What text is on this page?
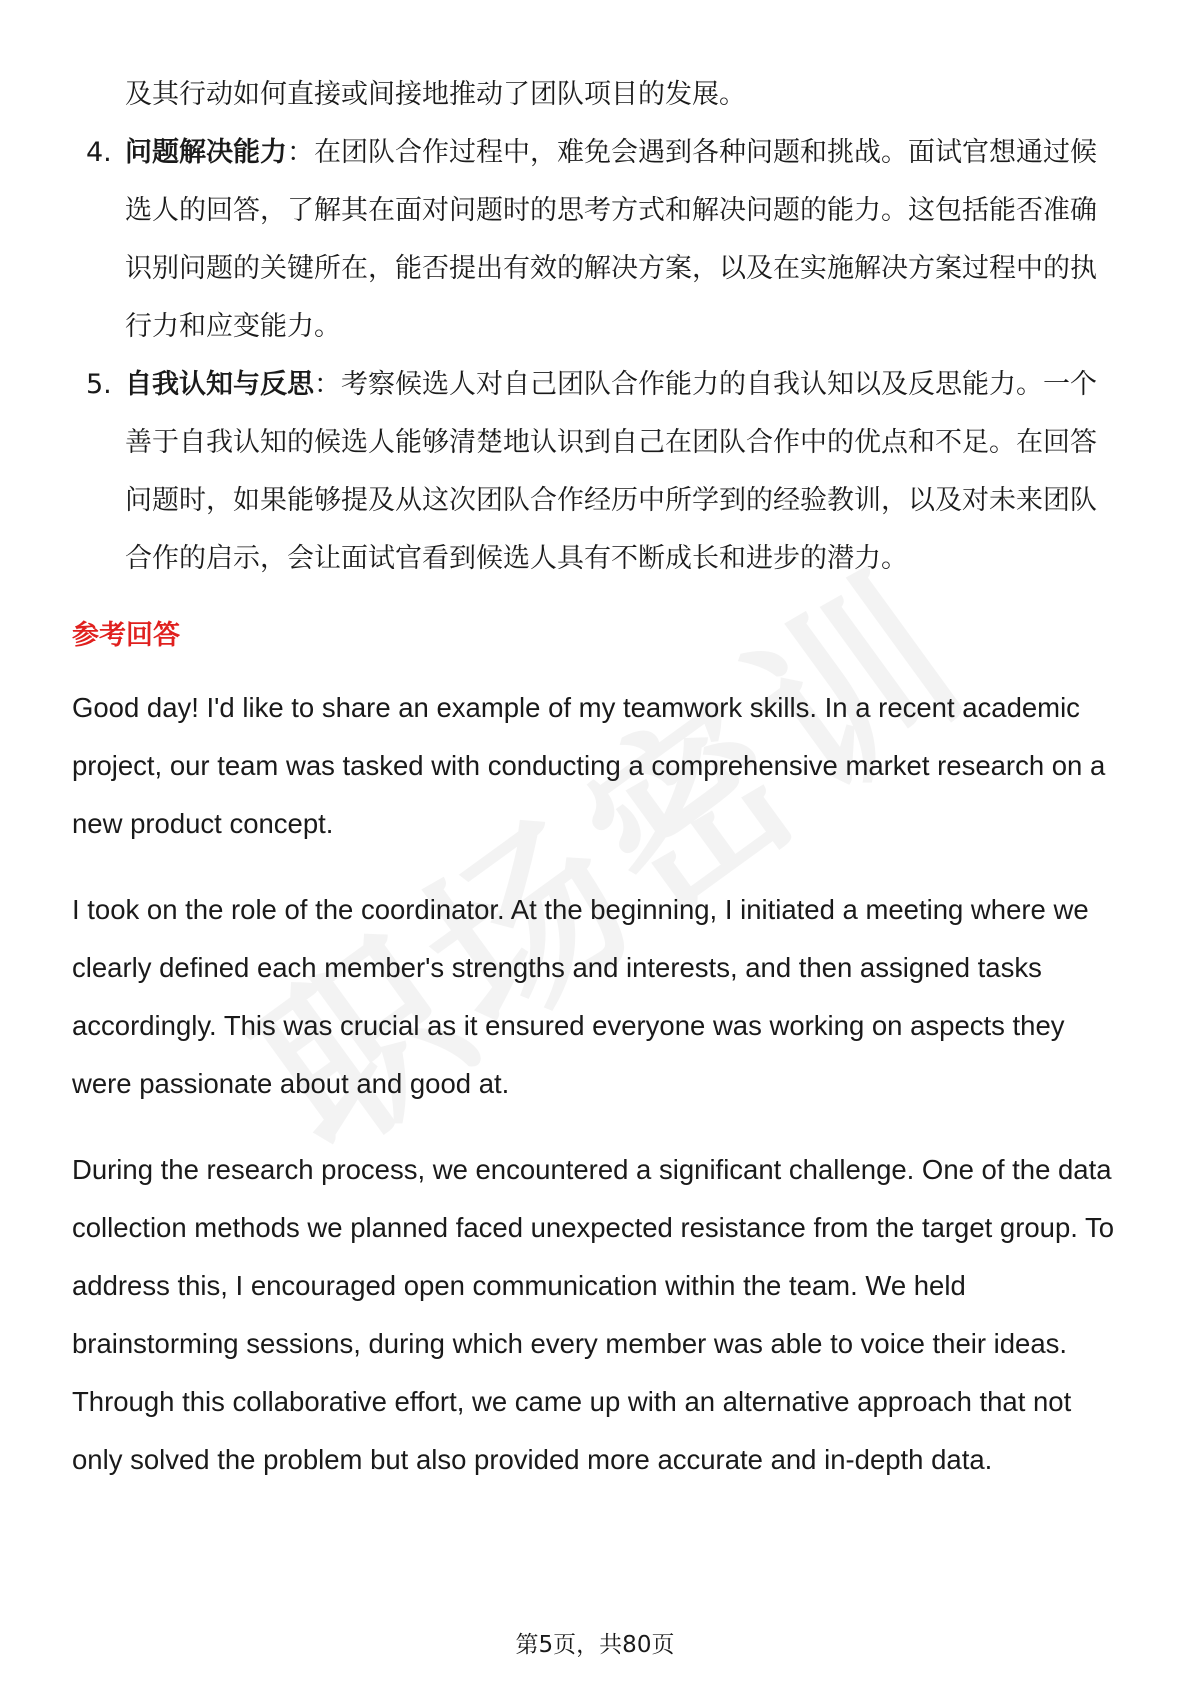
及其行动如何直接或间接地推动了团队项目的发展。
4. 问题解决能力：在团队合作过程中，难免会遇到各种问题和挑战。面试官想通过候选人的回答，了解其在面对问题时的思考方式和解决问题的能力。这包括能否准确识别问题的关键所在，能否提出有效的解决方案，以及在实施解决方案过程中的执行力和应变能力。
5. 自我认知与反思：考察候选人对自己团队合作能力的自我认知以及反思能力。一个善于自我认知的候选人能够清楚地认识到自己在团队合作中的优点和不足。在回答问题时，如果能够提及从这次团队合作经历中所学到的经验教训，以及对未来团队合作的启示，会让面试官看到候选人具有不断成长和进步的潜力。
参考回答

Good day! I'd like to share an example of my teamwork skills. In a recent academic project, our team was tasked with conducting a comprehensive market research on a new product concept.

I took on the role of the coordinator. At the beginning, I initiated a meeting where we clearly defined each member's strengths and interests, and then assigned tasks accordingly. This was crucial as it ensured everyone was working on aspects they were passionate about and good at.

During the research process, we encountered a significant challenge. One of the data collection methods we planned faced unexpected resistance from the target group. To address this, I encouraged open communication within the team. We held brainstorming sessions, during which every member was able to voice their ideas. Through this collaborative effort, we came up with an alternative approach that not only solved the problem but also provided more accurate and in-depth data.

第5页，共80页
